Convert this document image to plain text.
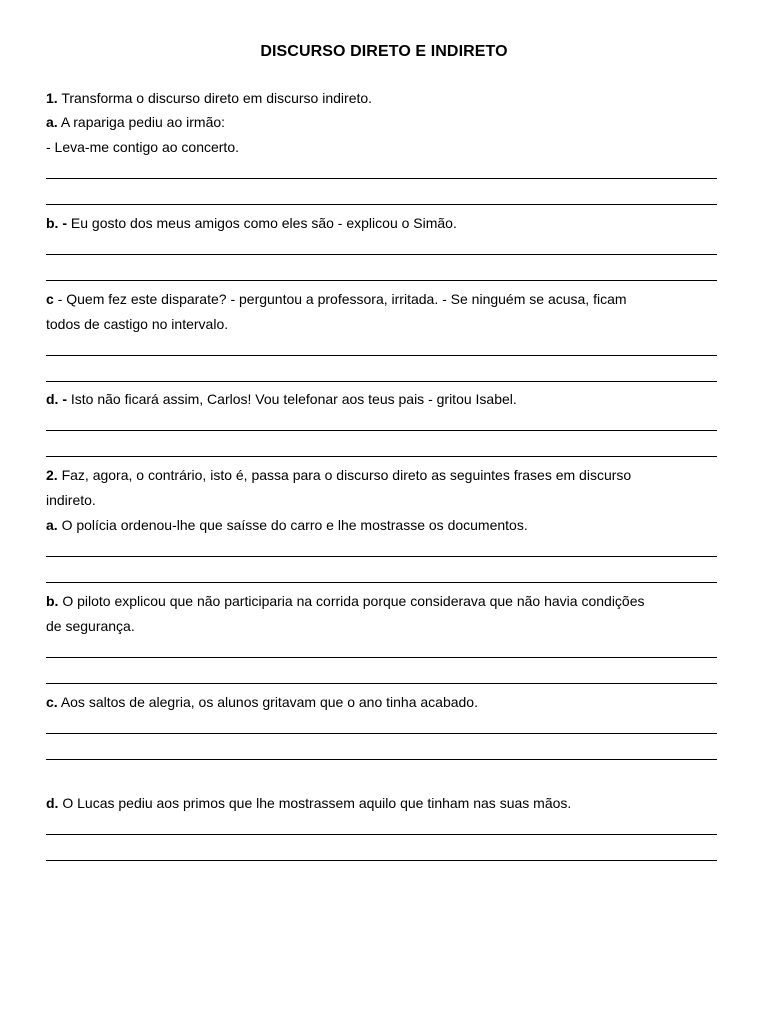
DISCURSO DIRETO E INDIRETO
1. Transforma o discurso direto em discurso indireto.
a. A rapariga pediu ao irmão:
- Leva-me contigo ao concerto.
b. - Eu gosto dos meus amigos como eles são - explicou o Simão.
c - Quem fez este disparate? - perguntou a professora, irritada. - Se ninguém se acusa, ficam
todos de castigo no intervalo.
d. - Isto não ficará assim, Carlos! Vou telefonar aos teus pais - gritou Isabel.
2. Faz, agora, o contrário, isto é, passa para o discurso direto as seguintes frases em discurso
indireto.
a. O polícia ordenou-lhe que saísse do carro e lhe mostrasse os documentos.
b. O piloto explicou que não participaria na corrida porque considerava que não havia condições
de segurança.
c. Aos saltos de alegria, os alunos gritavam que o ano tinha acabado.
d. O Lucas pediu aos primos que lhe mostrassem aquilo que tinham nas suas mãos.
